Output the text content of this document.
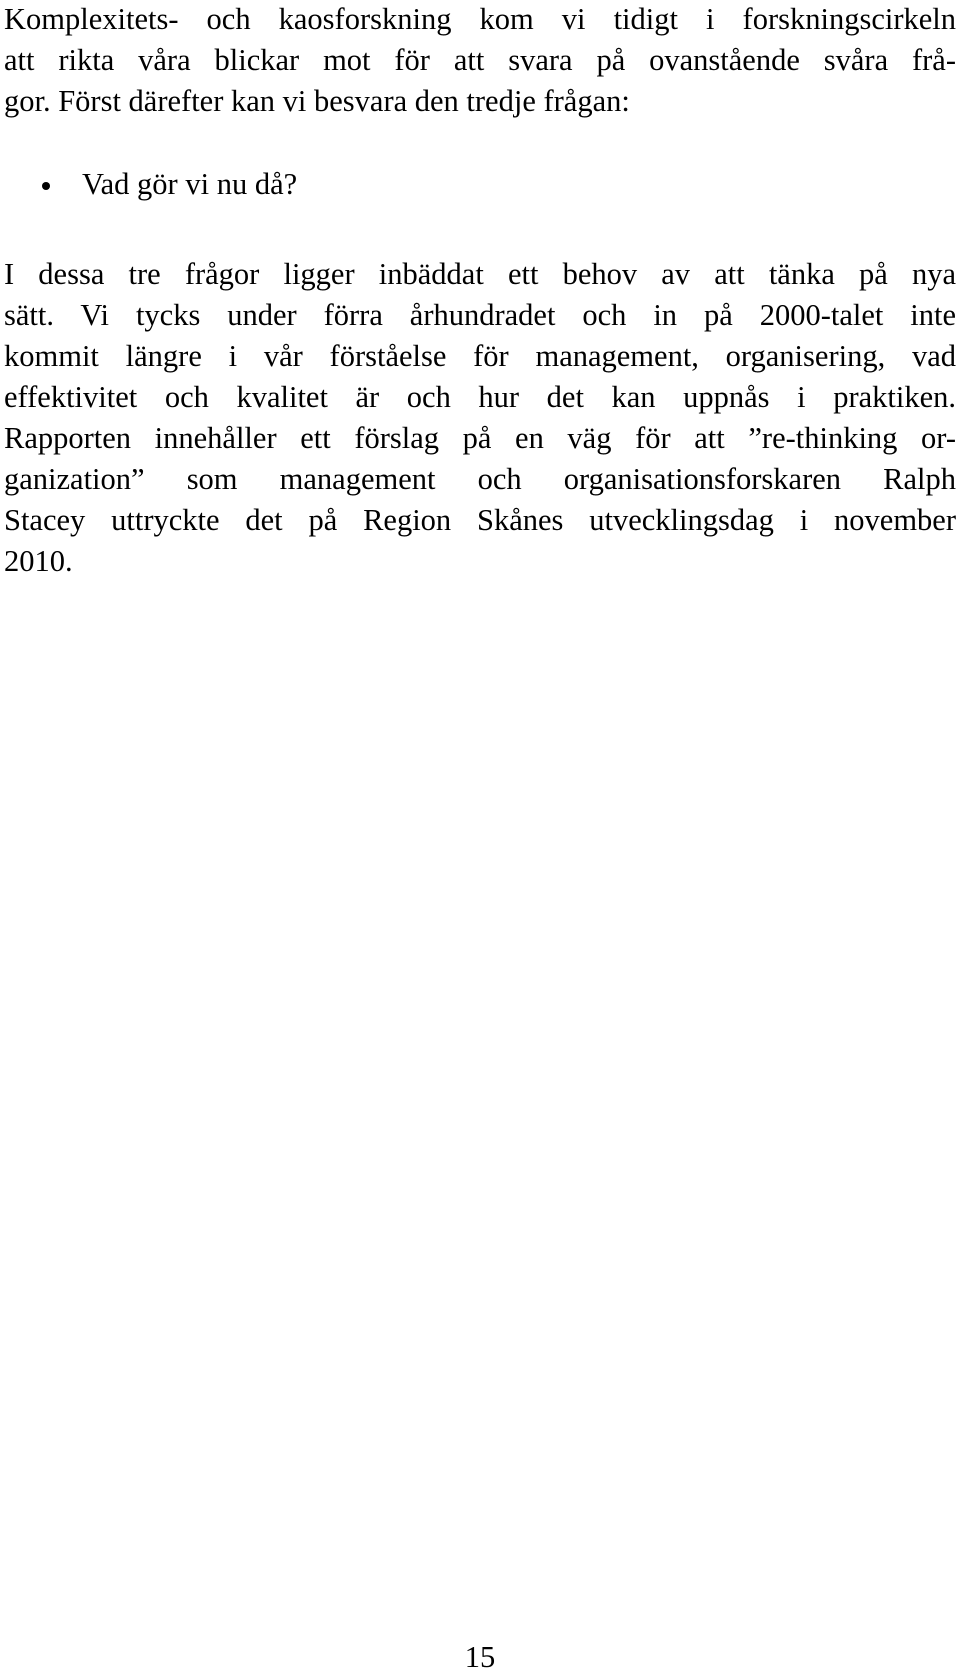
Komplexitets- och kaosforskning kom vi tidigt i forskningscirkeln
att rikta våra blickar mot för att svara på ovanstående svåra frå-
gor. Först därefter kan vi besvara den tredje frågan:
Vad gör vi nu då?
I dessa tre frågor ligger inbäddat ett behov av att tänka på nya
sätt. Vi tycks under förra århundradet och in på 2000-talet inte
kommit längre i vår förståelse för management, organisering, vad
effektivitet och kvalitet är och hur det kan uppnås i praktiken.
Rapporten innehåller ett förslag på en väg för att ”re-thinking or-
ganization” som management och organisationsforskaren Ralph
Stacey uttryckte det på Region Skånes utvecklingsdag i november
2010.
15
